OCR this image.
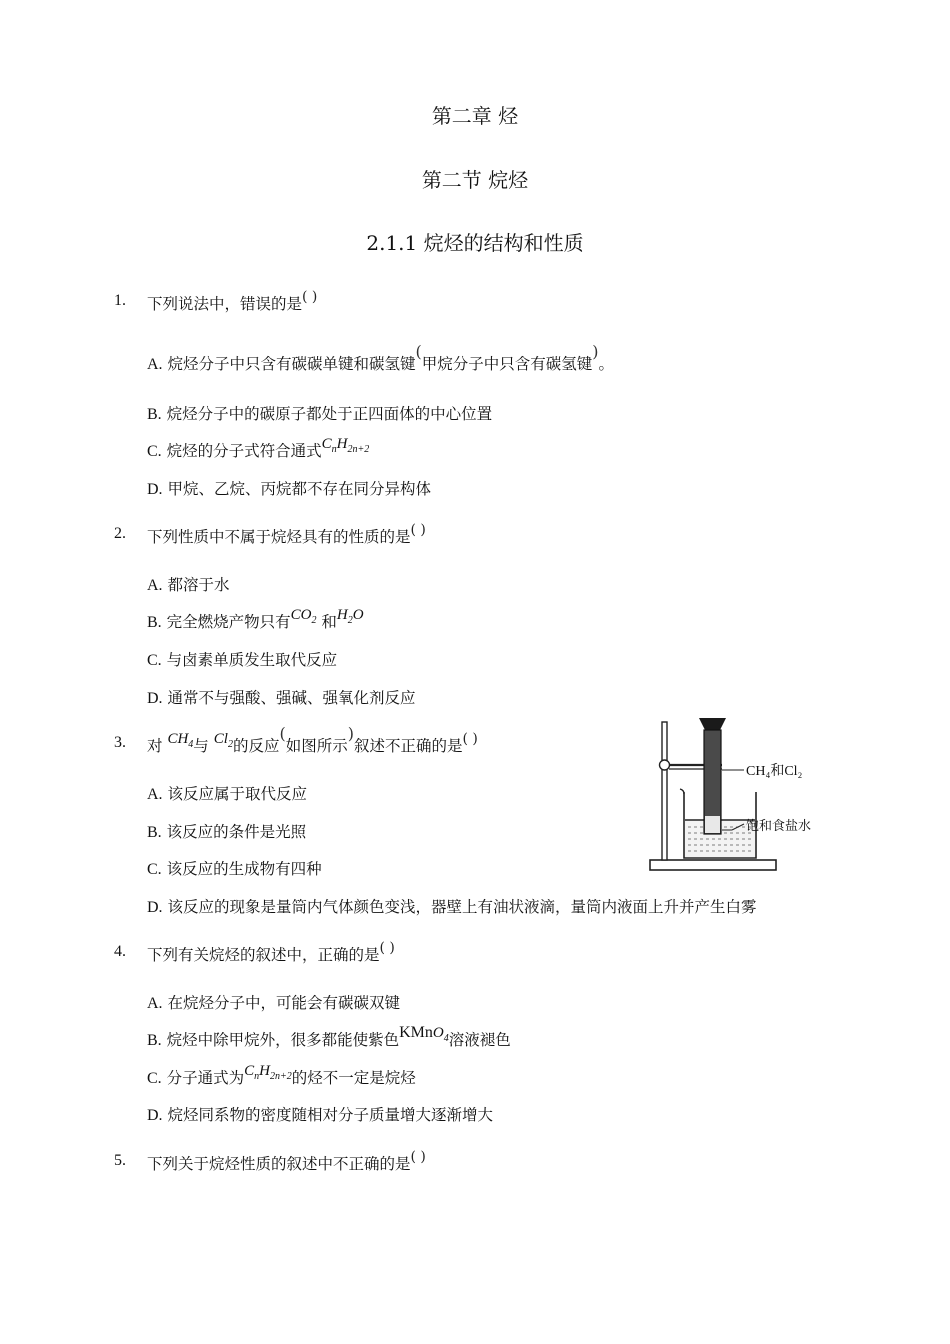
第二章 烃
第二节 烷烃
2.1.1 烷烃的结构和性质
1. 下列说法中，错误的是( )
A. 烷烃分子中只含有碳碳单键和碳氢键(甲烷分子中只含有碳氢键)。
B. 烷烃分子中的碳原子都处于正四面体的中心位置
C. 烷烃的分子式符合通式$C_nH_{2n+2}$
D. 甲烷、乙烷、丙烷都不存在同分异构体
2. 下列性质中不属于烷烃具有的性质的是( )
A. 都溶于水
B. 完全燃烧产物只有$CO_2$ 和$H_2O$
C. 与卤素单质发生取代反应
D. 通常不与强酸、强碱、强氧化剂反应
3. 对 $CH_4$与 $Cl_2$的反应(如图所示)叙述不正确的是( )
A. 该反应属于取代反应
B. 该反应的条件是光照
C. 该反应的生成物有四种
D. 该反应的现象是量筒内气体颜色变浅，器壁上有油状液滴，量筒内液面上升并产生白雾
CH₄和Cl₂
饱和食盐水
4. 下列有关烷烃的叙述中，正确的是( )
A. 在烷烃分子中，可能会有碳碳双键
B. 烷烃中除甲烷外，很多都能使紫色KMnO$_4$溶液褪色
C. 分子通式为$C_nH_{2n+2}$的烃不一定是烷烃
D. 烷烃同系物的密度随相对分子质量增大逐渐增大
5. 下列关于烷烃性质的叙述中不正确的是( )
